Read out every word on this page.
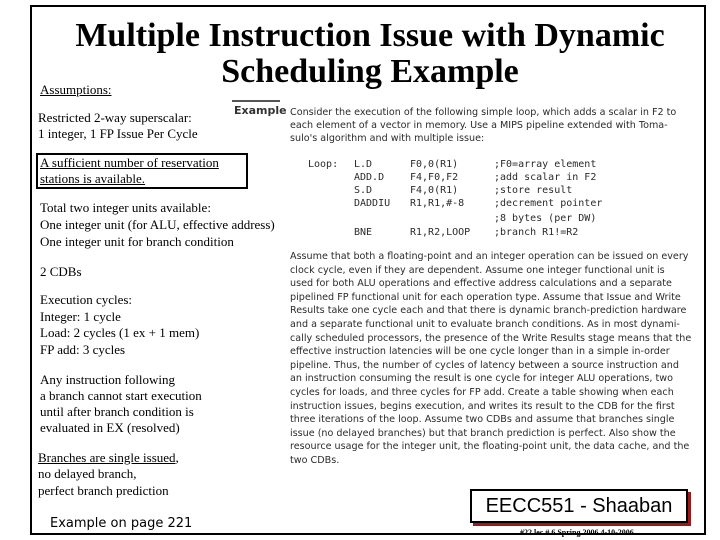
Multiple Instruction Issue with Dynamic
Scheduling Example
Assumptions:
Restricted 2-way superscalar:
1 integer, 1 FP Issue Per Cycle
A sufficient number of reservation
stations is available.
Total two integer units available:
One integer unit (for ALU, effective address)
One integer unit for branch condition
2 CDBs
Execution cycles:
Integer: 1 cycle
Load: 2 cycles (1 ex + 1 mem)
FP add: 3 cycles
Any instruction following
a branch cannot start execution
until after branch condition is
evaluated in EX (resolved)
Branches are single issued,
no delayed branch,
perfect branch prediction
Example on page 221
Example Consider the execution of the following simple loop, which adds a scalar in F2 to
each element of a vector in memory. Use a MIPS pipeline extended with Toma-
sulo's algorithm and with multiple issue:
Loop: L.D
ADD.D
S.D
DADDIU
BNE
F0,0(R1)
F4,F0,F2
F4,0(R1)
R1,R1,#-8
R1,R2,LOOP
;F0=array element
;add scalar in F2
;store result
;decrement pointer
;8 bytes (per DW)
;branch R1!=R2
Assume that both a floating-point and an integer operation can be issued on every
clock cycle, even if they are dependent. Assume one integer functional unit is
used for both ALU operations and effective address calculations and a separate
pipelined FP functional unit for each operation type. Assume that Issue and Write
Results take one cycle each and that there is dynamic branch-prediction hardware
and a separate functional unit to evaluate branch conditions. As in most dynami-
cally scheduled processors, the presence of the Write Results stage means that the
effective instruction latencies will be one cycle longer than in a simple in-order
pipeline. Thus, the number of cycles of latency between a source instruction and
an instruction consuming the result is one cycle for integer ALU operations, two
cycles for loads, and three cycles for FP add. Create a table showing when each
instruction issues, begins execution, and writes its result to the CDB for the first
three iterations of the loop. Assume two CDBs and assume that branches single
issue (no delayed branches) but that branch prediction is perfect. Also show the
resource usage for the integer unit, the floating-point unit, the data cache, and the
two CDBs.
EECC551 - Shaaban
#22 lec # 6 Spring 2006 4-10-2006
